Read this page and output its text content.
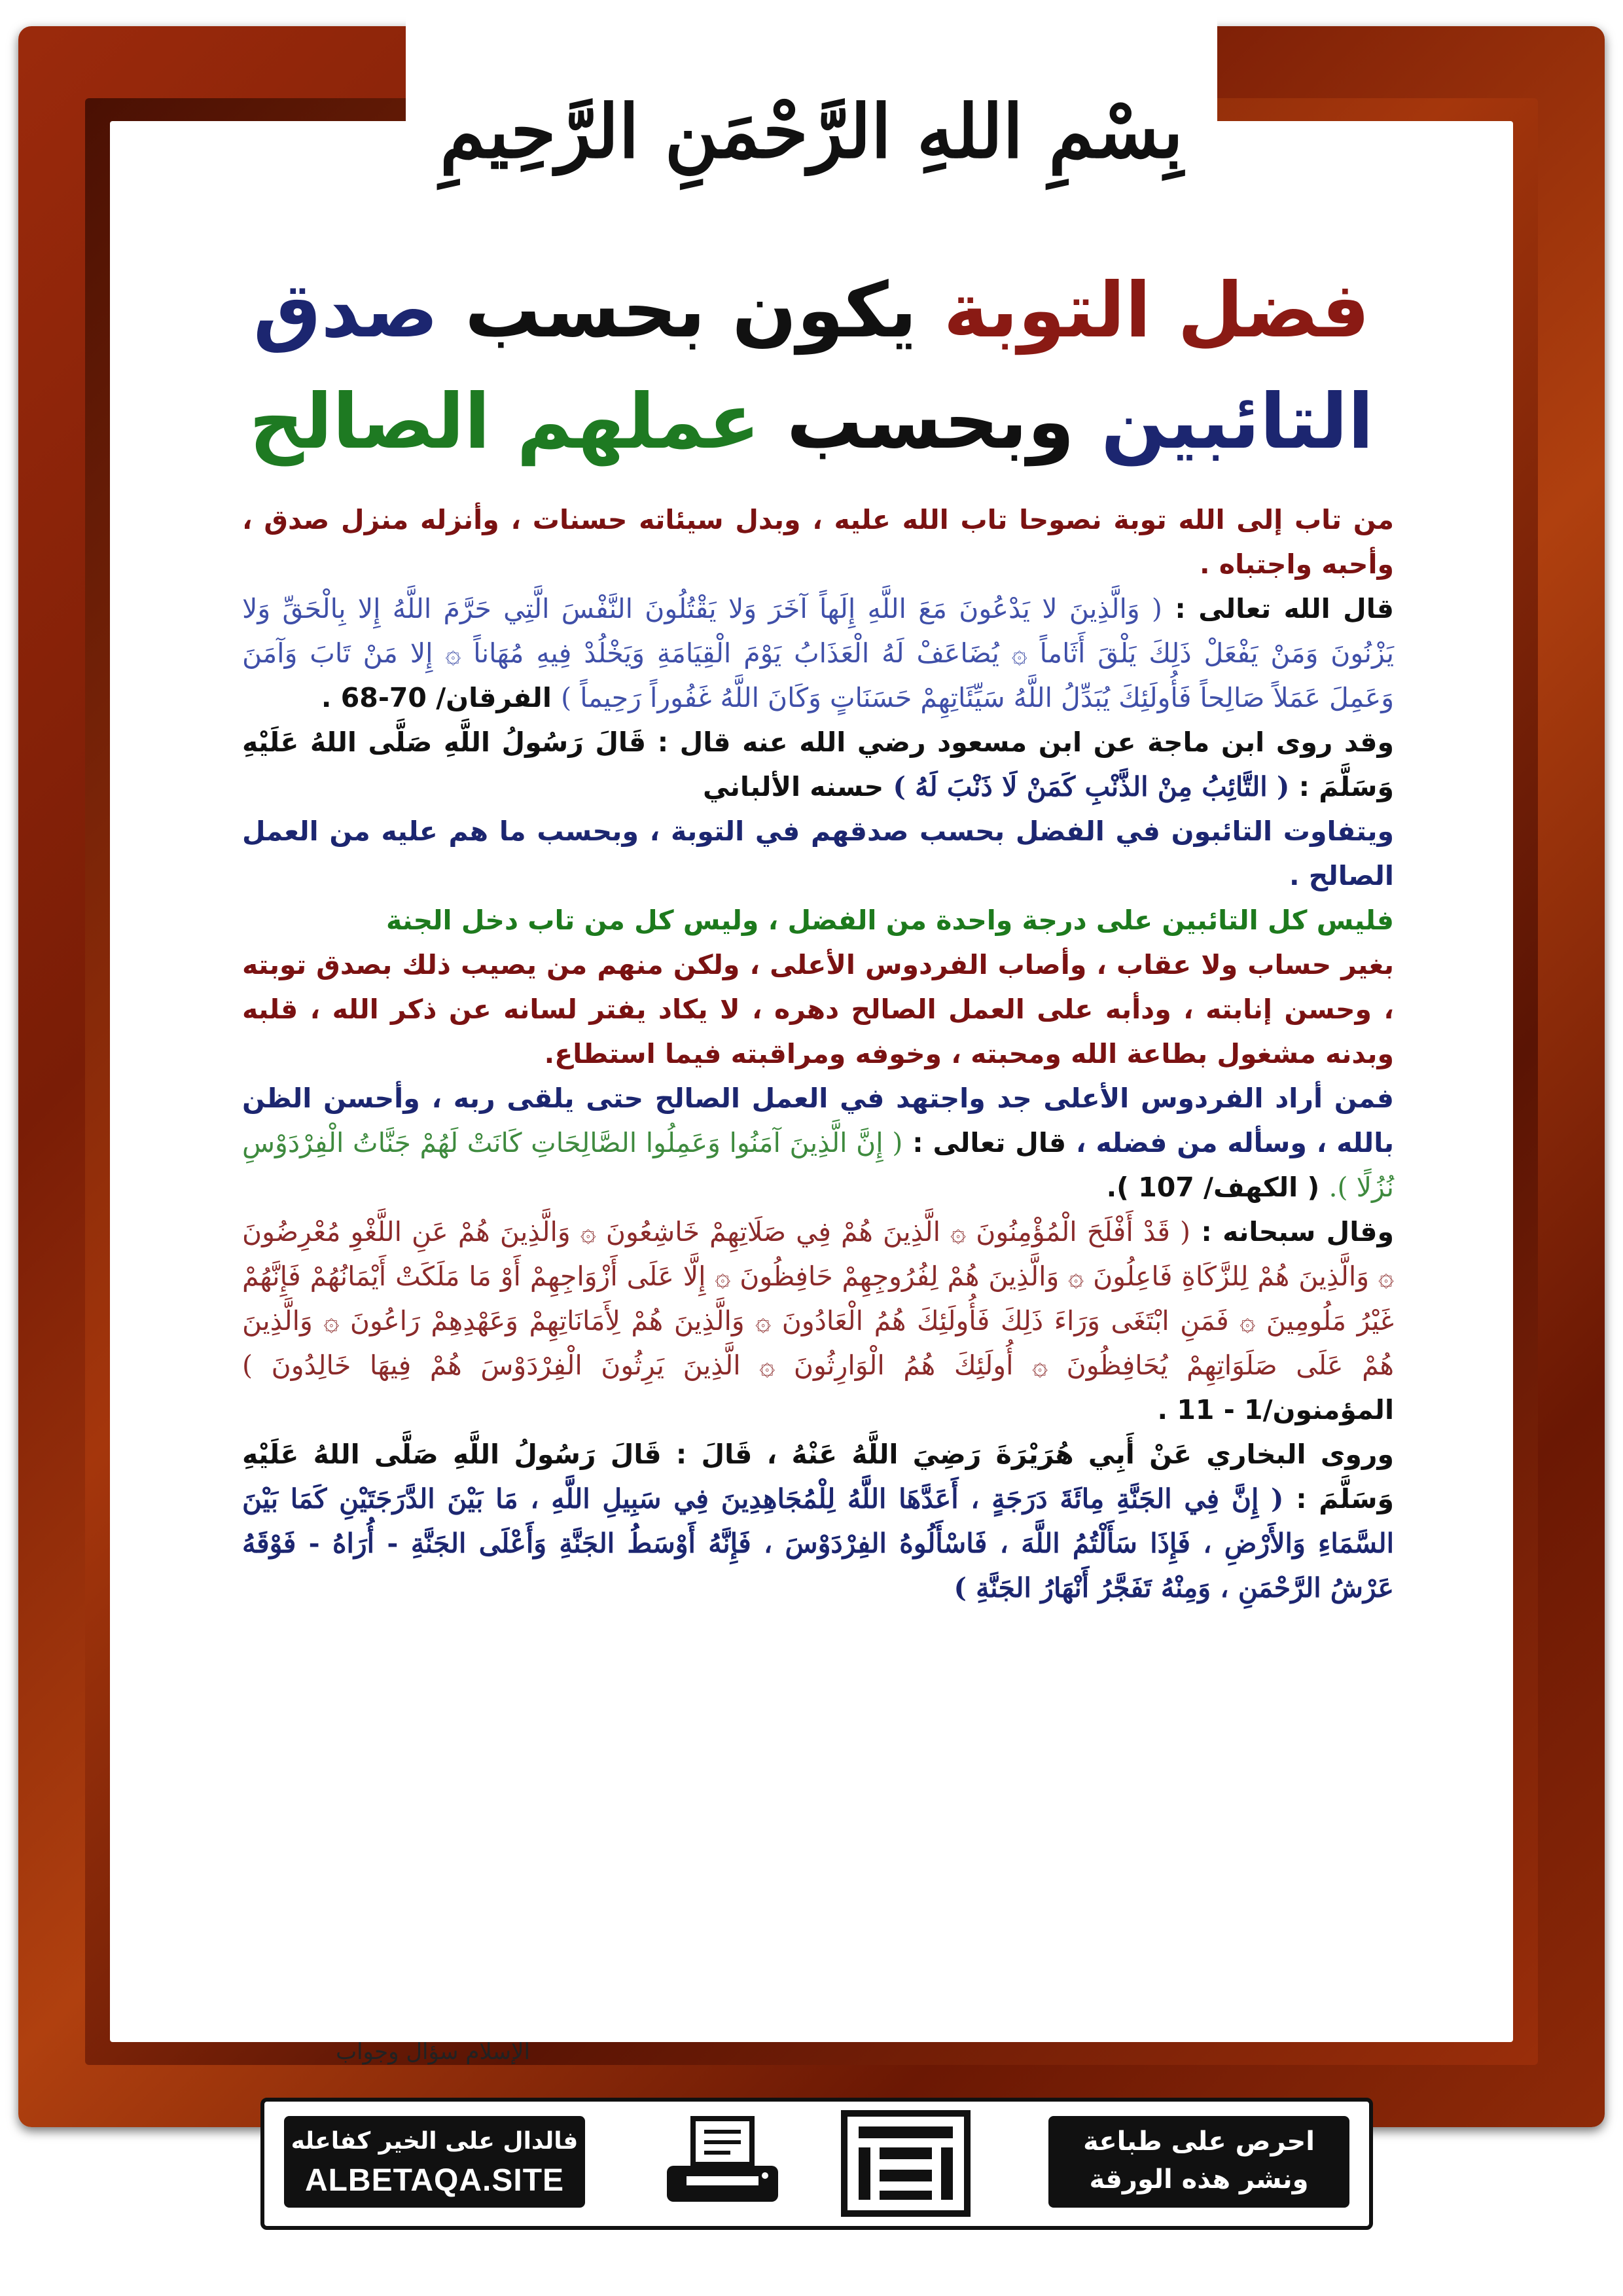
بِسْمِ اللهِ الرَّحْمَنِ الرَّحِيمِ
فضل التوبة يكون بحسب صدق
التائبين وبحسب عملهم الصالح

من تاب إلى الله توبة نصوحا تاب الله عليه ، وبدل سيئاته حسنات ، وأنزله منزل صدق ، وأحبه واجتباه .

قال الله تعالى : ( وَالَّذِينَ لا يَدْعُونَ مَعَ اللَّهِ إِلَهاً آخَرَ وَلا يَقْتُلُونَ النَّفْسَ الَّتِي حَرَّمَ اللَّهُ إِلا بِالْحَقِّ وَلا يَزْنُونَ وَمَنْ يَفْعَلْ ذَلِكَ يَلْقَ أَثَاماً ۞ يُضَاعَفْ لَهُ الْعَذَابُ يَوْمَ الْقِيَامَةِ وَيَخْلُدْ فِيهِ مُهَاناً ۞ إِلا مَنْ تَابَ وَآمَنَ وَعَمِلَ عَمَلاً صَالِحاً فَأُولَئِكَ يُبَدِّلُ اللَّهُ سَيِّئَاتِهِمْ حَسَنَاتٍ وَكَانَ اللَّهُ غَفُوراً رَحِيماً ) الفرقان/ 70-68 .

وقد روى ابن ماجة عن ابن مسعود رضي الله عنه قال : قَالَ رَسُولُ اللَّهِ صَلَّى اللهُ عَلَيْهِ وَسَلَّمَ : ( التَّائِبُ مِنْ الذَّنْبِ كَمَنْ لَا ذَنْبَ لَهُ ) حسنه الألباني

ويتفاوت التائبون في الفضل بحسب صدقهم في التوبة ، وبحسب ما هم عليه من العمل الصالح .

فليس كل التائبين على درجة واحدة من الفضل ، وليس كل من تاب دخل الجنة

بغير حساب ولا عقاب ، وأصاب الفردوس الأعلى ، ولكن منهم من يصيب ذلك بصدق توبته ، وحسن إنابته ، ودأبه على العمل الصالح دهره ، لا يكاد يفتر لسانه عن ذكر الله ، قلبه وبدنه مشغول بطاعة الله ومحبته ، وخوفه ومراقبته فيما استطاع.

فمن أراد الفردوس الأعلى جد واجتهد في العمل الصالح حتى يلقى ربه ، وأحسن الظن بالله ، وسأله من فضله ، قال تعالى : ( إِنَّ الَّذِينَ آمَنُوا وَعَمِلُوا الصَّالِحَاتِ كَانَتْ لَهُمْ جَنَّاتُ الْفِرْدَوْسِ نُزُلًا ). ( الكهف/ 107 ).

وقال سبحانه : ( قَدْ أَفْلَحَ الْمُؤْمِنُونَ ۞ الَّذِينَ هُمْ فِي صَلَاتِهِمْ خَاشِعُونَ ۞ وَالَّذِينَ هُمْ عَنِ اللَّغْوِ مُعْرِضُونَ ۞ وَالَّذِينَ هُمْ لِلزَّكَاةِ فَاعِلُونَ ۞ وَالَّذِينَ هُمْ لِفُرُوجِهِمْ حَافِظُونَ ۞ إِلَّا عَلَى أَزْوَاجِهِمْ أَوْ مَا مَلَكَتْ أَيْمَانُهُمْ فَإِنَّهُمْ غَيْرُ مَلُومِينَ ۞ فَمَنِ ابْتَغَى وَرَاءَ ذَلِكَ فَأُولَئِكَ هُمُ الْعَادُونَ ۞ وَالَّذِينَ هُمْ لِأَمَانَاتِهِمْ وَعَهْدِهِمْ رَاعُونَ ۞ وَالَّذِينَ هُمْ عَلَى صَلَوَاتِهِمْ يُحَافِظُونَ ۞ أُولَئِكَ هُمُ الْوَارِثُونَ ۞ الَّذِينَ يَرِثُونَ الْفِرْدَوْسَ هُمْ فِيهَا خَالِدُونَ ) المؤمنون/1 - 11 .

وروى البخاري عَنْ أَبِي هُرَيْرَةَ رَضِيَ اللَّهُ عَنْهُ ، قَالَ : قَالَ رَسُولُ اللَّهِ صَلَّى اللهُ عَلَيْهِ وَسَلَّمَ : ( إِنَّ فِي الجَنَّةِ مِائَةَ دَرَجَةٍ ، أَعَدَّهَا اللَّهُ لِلْمُجَاهِدِينَ فِي سَبِيلِ اللَّهِ ، مَا بَيْنَ الدَّرَجَتَيْنِ كَمَا بَيْنَ السَّمَاءِ وَالأَرْضِ ، فَإِذَا سَأَلْتُمُ اللَّهَ ، فَاسْأَلُوهُ الفِرْدَوْسَ ، فَإِنَّهُ أَوْسَطُ الجَنَّةِ وَأَعْلَى الجَنَّةِ - أُرَاهُ - فَوْقَهُ عَرْشُ الرَّحْمَنِ ، وَمِنْهُ تَفَجَّرُ أَنْهَارُ الجَنَّةِ )

الإسلام سؤال وجواب
فالدال على الخير كفاعله
ALBETAQA.SITE
احرص على طباعة
ونشر هذه الورقة
